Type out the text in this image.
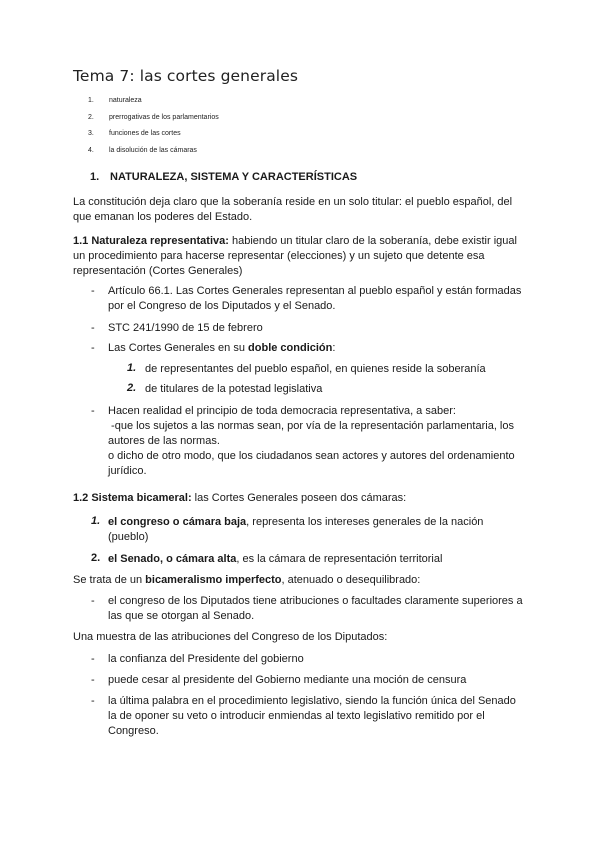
Tema 7: las cortes generales
1.	naturaleza
2.	prerrogativas de los parlamentarios
3.	funciones de las cortes
4.	la disolución de las cámaras
1. NATURALEZA, SISTEMA Y CARACTERÍSTICAS
La constitución deja claro que la soberanía reside en un solo titular: el pueblo español, del
que emanan los poderes del Estado.
1.1 Naturaleza representativa: habiendo un titular claro de la soberanía, debe existir igual
un procedimiento para hacerse representar (elecciones) y un sujeto que detente esa
representación (Cortes Generales)
- Artículo 66.1. Las Cortes Generales representan al pueblo español y están formadas
por el Congreso de los Diputados y el Senado.
- STC 241/1990 de 15 de febrero
- Las Cortes Generales en su doble condición:
1. de representantes del pueblo español, en quienes reside la soberanía
2. de titulares de la potestad legislativa
- Hacen realidad el principio de toda democracia representativa, a saber:
-que los sujetos a las normas sean, por vía de la representación parlamentaria, los
autores de las normas.
o dicho de otro modo, que los ciudadanos sean actores y autores del ordenamiento
jurídico.
1.2 Sistema bicameral: las Cortes Generales poseen dos cámaras:
1. el congreso o cámara baja, representa los intereses generales de la nación
(pueblo)
2. el Senado, o cámara alta, es la cámara de representación territorial
Se trata de un bicameralismo imperfecto, atenuado o desequilibrado:
- el congreso de los Diputados tiene atribuciones o facultades claramente superiores a
las que se otorgan al Senado.
Una muestra de las atribuciones del Congreso de los Diputados:
- la confianza del Presidente del gobierno
- puede cesar al presidente del Gobierno mediante una moción de censura
- la última palabra en el procedimiento legislativo, siendo la función única del Senado
la de oponer su veto o introducir enmiendas al texto legislativo remitido por el
Congreso.
